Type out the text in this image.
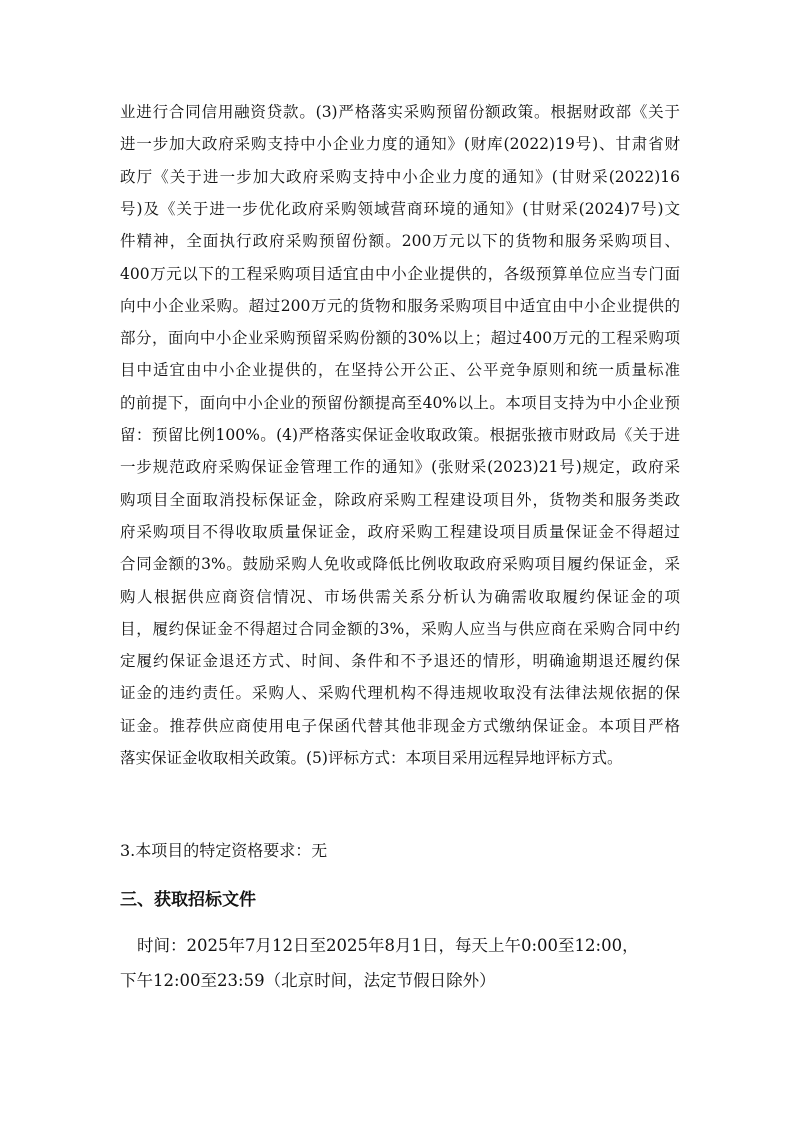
业进行合同信用融资贷款。(3)严格落实采购预留份额政策。根据财政部《关于
进一步加大政府采购支持中小企业力度的通知》(财库(2022)19号)、甘肃省财
政厅《关于进一步加大政府采购支持中小企业力度的通知》(甘财采(2022)16
号)及《关于进一步优化政府采购领域营商环境的通知》(甘财采(2024)7号)文
件精神，全面执行政府采购预留份额。200万元以下的货物和服务采购项目、
400万元以下的工程采购项目适宜由中小企业提供的，各级预算单位应当专门面
向中小企业采购。超过200万元的货物和服务采购项目中适宜由中小企业提供的
部分，面向中小企业采购预留采购份额的30%以上；超过400万元的工程采购项
目中适宜由中小企业提供的，在坚持公开公正、公平竞争原则和统一质量标准
的前提下，面向中小企业的预留份额提高至40%以上。本项目支持为中小企业预
留：预留比例100%。(4)严格落实保证金收取政策。根据张掖市财政局《关于进
一步规范政府采购保证金管理工作的通知》(张财采(2023)21号)规定，政府采
购项目全面取消投标保证金，除政府采购工程建设项目外，货物类和服务类政
府采购项目不得收取质量保证金，政府采购工程建设项目质量保证金不得超过
合同金额的3%。鼓励采购人免收或降低比例收取政府采购项目履约保证金，采
购人根据供应商资信情况、市场供需关系分析认为确需收取履约保证金的项
目，履约保证金不得超过合同金额的3%，采购人应当与供应商在采购合同中约
定履约保证金退还方式、时间、条件和不予退还的情形，明确逾期退还履约保
证金的违约责任。采购人、采购代理机构不得违规收取没有法律法规依据的保
证金。推荐供应商使用电子保函代替其他非现金方式缴纳保证金。本项目严格
落实保证金收取相关政策。(5)评标方式：本项目采用远程异地评标方式。
3.本项目的特定资格要求：无
三、获取招标文件
时间：2025年7月12日至2025年8月1日，每天上午0:00至12:00，
下午12:00至23:59（北京时间，法定节假日除外）
